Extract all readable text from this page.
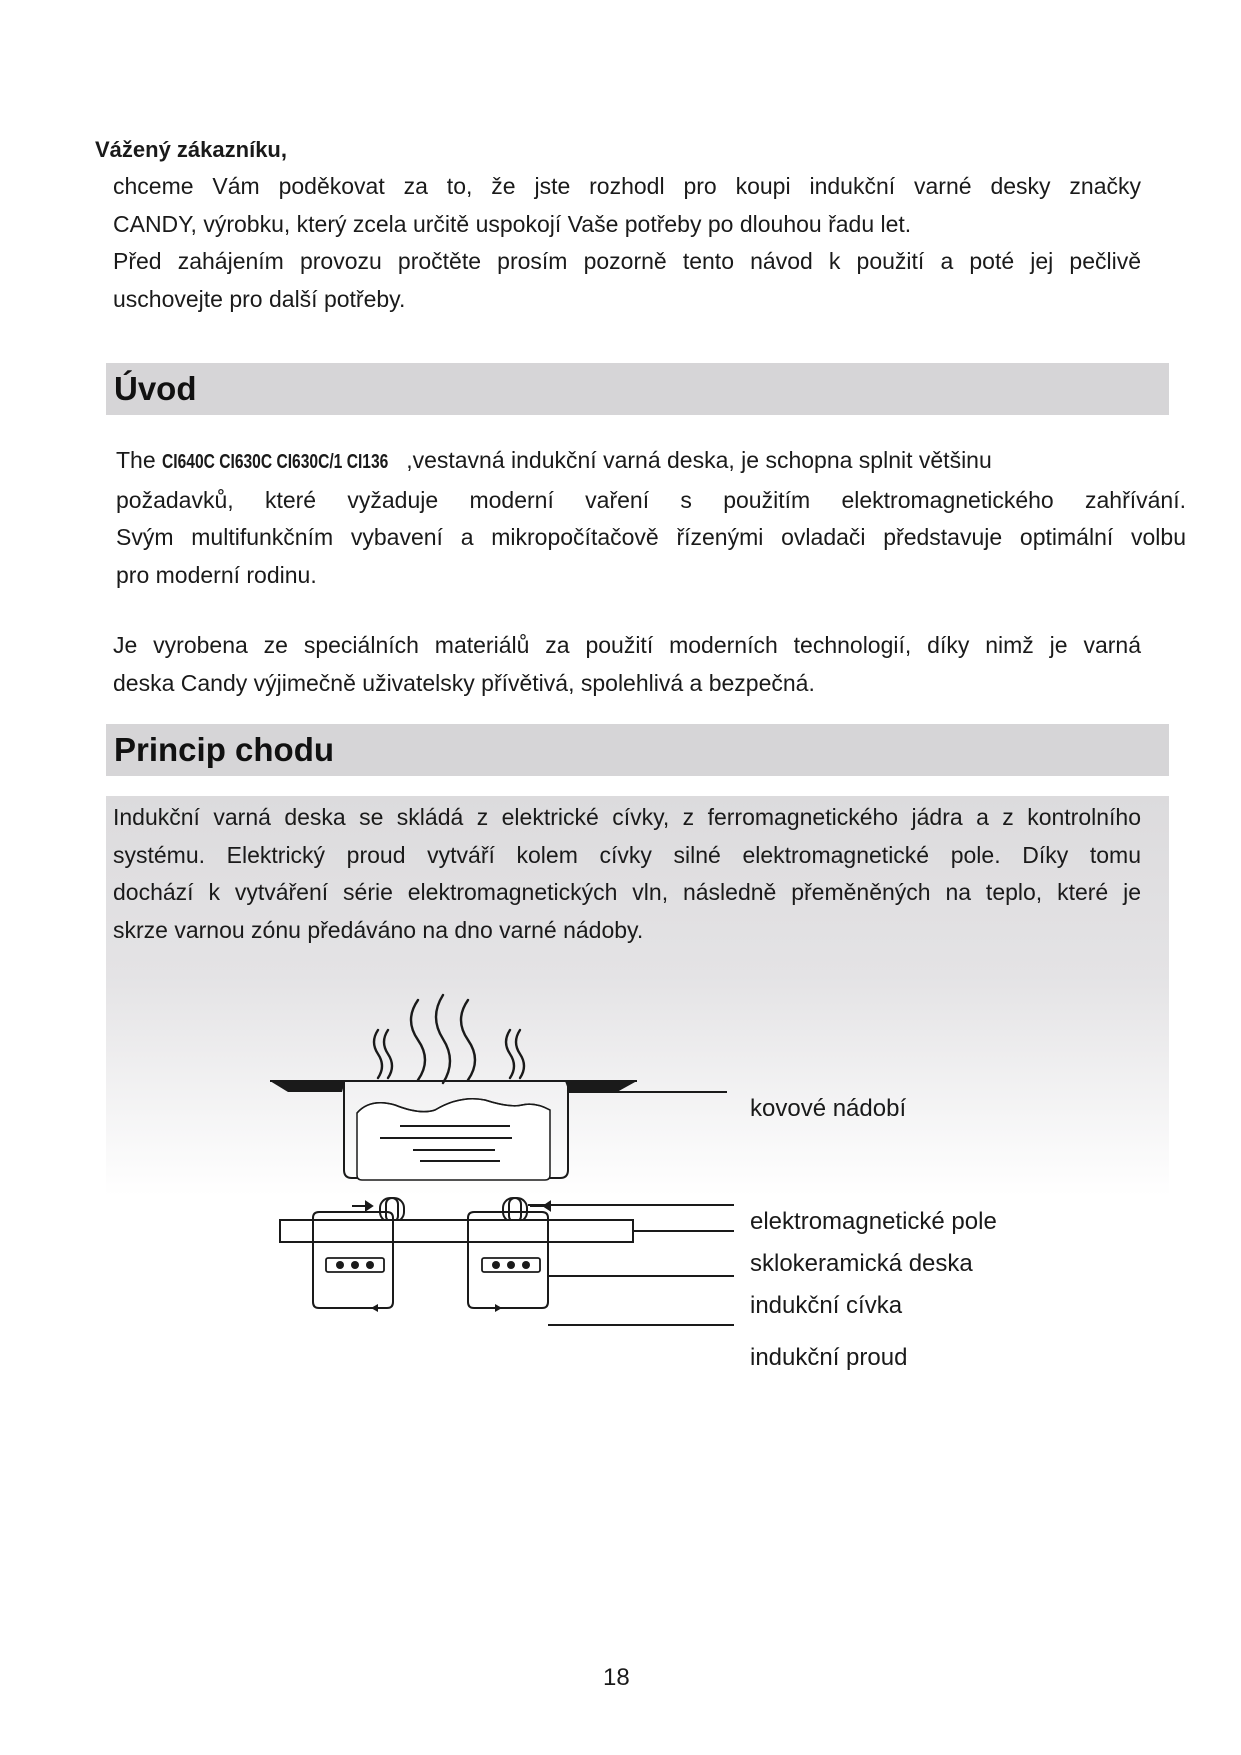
Vážený zákazníku,
chceme Vám poděkovat za to, že jste rozhodl pro koupi indukční varné desky značky
CANDY, výrobku, který zcela určitě uspokojí Vaše potřeby po dlouhou řadu let.
Před zahájením provozu pročtěte prosím pozorně tento návod k použití a poté jej pečlivě
uschovejte pro další potřeby.
Úvod
The CI640C CI630C CI630C/1 CI136 ,vestavná indukční varná deska, je schopna splnit většinu
požadavků, které vyžaduje moderní vaření s použitím elektromagnetického zahřívání.
Svým multifunkčním vybavení a mikropočítačově řízenými ovladači představuje optimální volbu
pro moderní rodinu.
Je vyrobena ze speciálních materiálů za použití moderních technologií, díky nimž je varná
deska Candy výjimečně uživatelsky přívětivá, spolehlivá a bezpečná.
Princip chodu
Indukční varná deska se skládá z elektrické cívky, z ferromagnetického jádra a z kontrolního
systému. Elektrický proud vytváří kolem cívky silné elektromagnetické pole. Díky tomu
dochází k vytváření série elektromagnetických vln, následně přeměněných na teplo, které je
skrze varnou zónu předáváno na dno varné nádoby.
kovové nádobí
elektromagnetické pole
sklokeramická deska
indukční cívka
indukční proud
18
